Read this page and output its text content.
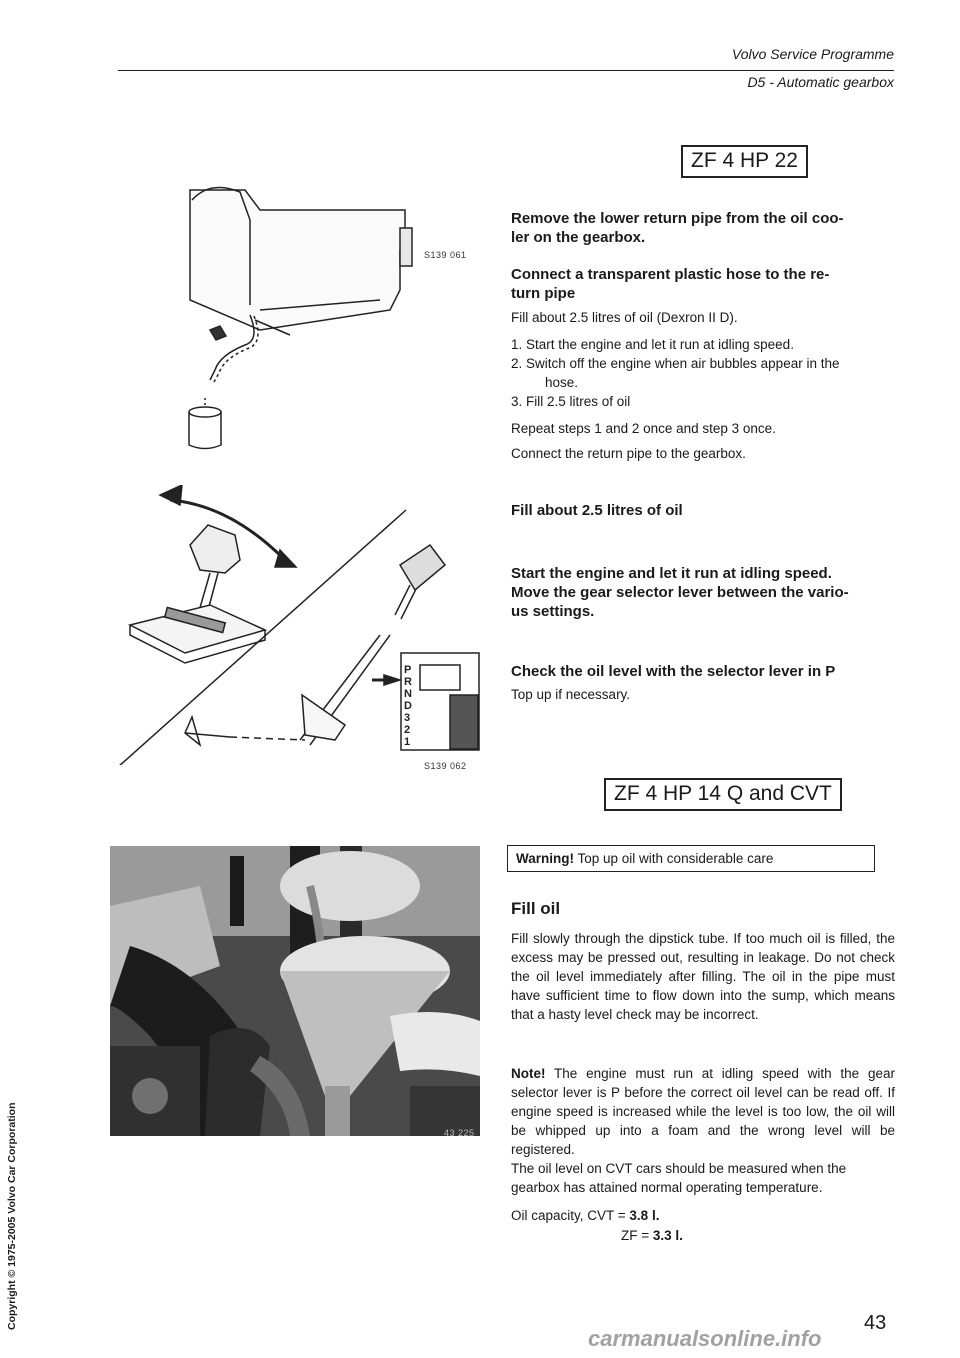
Volvo Service Programme
D5 - Automatic gearbox
Copyright © 1975-2005 Volvo Car Corporation
S139 061
P
R
N
D
3
2
1
S139 062
43 225
ZF 4 HP 22
Remove the lower return pipe from the oil coo-
ler on the gearbox.
Connect a transparent plastic hose to the re-
turn pipe
Fill about 2.5 litres of oil (Dexron II D).
1. Start the engine and let it run at idling speed.
2. Switch off the engine when air bubbles appear in the
hose.
3. Fill 2.5 litres of oil
Repeat steps 1 and 2 once and step 3 once.
Connect the return pipe to the gearbox.
Fill about 2.5 litres of oil
Start the engine and let it run at idling speed.
Move the gear selector lever between the vario-
us settings.
Check the oil level with the selector lever in P
Top up if necessary.
ZF 4 HP 14 Q and CVT
Warning! Top up oil with considerable care
Fill oil
Fill slowly through the dipstick tube. If too much oil is filled, the excess may be pressed out, resulting in leakage. Do not check the oil level immediately after filling. The oil in the pipe must have sufficient time to flow down into the sump, which means that a hasty level check may be incorrect.
Note! The engine must run at idling speed with the gear selector lever is P before the correct oil level can be read off. If engine speed is increased while the level is too low, the oil will be whipped up into a foam and the wrong level will be registered.
The oil level on CVT cars should be measured when the gearbox has attained normal operating temperature.
Oil capacity, CVT = 3.8 l.
ZF = 3.3 l.
43
carmanualsonline.info
